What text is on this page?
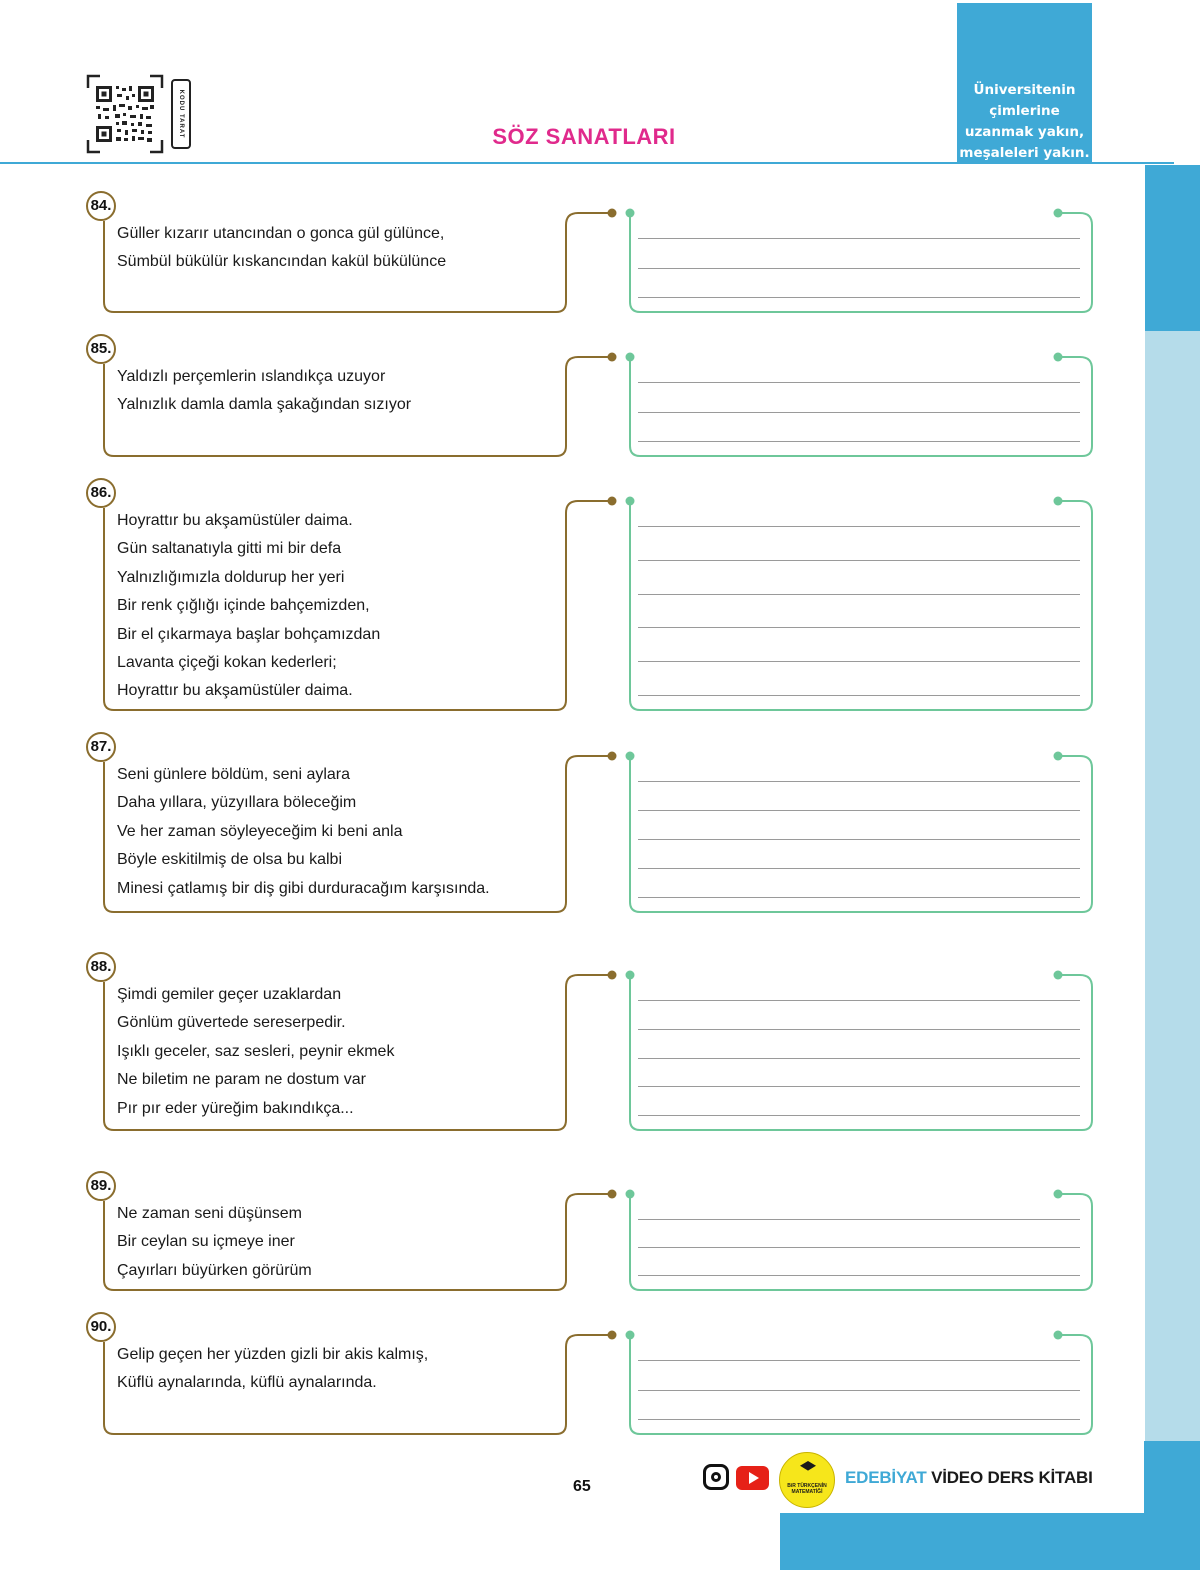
KODU TARAT	SÖZ SANATLARI
Üniversitenin
çimlerine
uzanmak yakın,
meşaleleri yakın.
84.
Güller kızarır utancından o gonca gül gülünce,
Sümbül bükülür kıskancından kakül bükülünce
85.
Yaldızlı perçemlerin ıslandıkça uzuyor
Yalnızlık damla damla şakağından sızıyor
86.
Hoyrattır bu akşamüstüler daima.
Gün saltanatıyla gitti mi bir defa
Yalnızlığımızla doldurup her yeri
Bir renk çığlığı içinde bahçemizden,
Bir el çıkarmaya başlar bohçamızdan
Lavanta çiçeği kokan kederleri;
Hoyrattır bu akşamüstüler daima.
87.
Seni günlere böldüm, seni aylara
Daha yıllara, yüzyıllara böleceğim
Ve her zaman söyleyeceğim ki beni anla
Böyle eskitilmiş de olsa bu kalbi
Minesi çatlamış bir diş gibi durduracağım karşısında.
88.
Şimdi gemiler geçer uzaklardan
Gönlüm güvertede sereserpedir.
Işıklı geceler, saz sesleri, peynir ekmek
Ne biletim ne param ne dostum var
Pır pır eder yüreğim bakındıkça...
89.
Ne zaman seni düşünsem
Bir ceylan su içmeye iner
Çayırları büyürken görürüm
90.
Gelip geçen her yüzden gizli bir akis kalmış,
Küflü aynalarında, küflü aynalarında.
65	BiR TÜRKÇENİN MATEMATİĞİ
EDEBİYAT VİDEO DERS KİTABI
